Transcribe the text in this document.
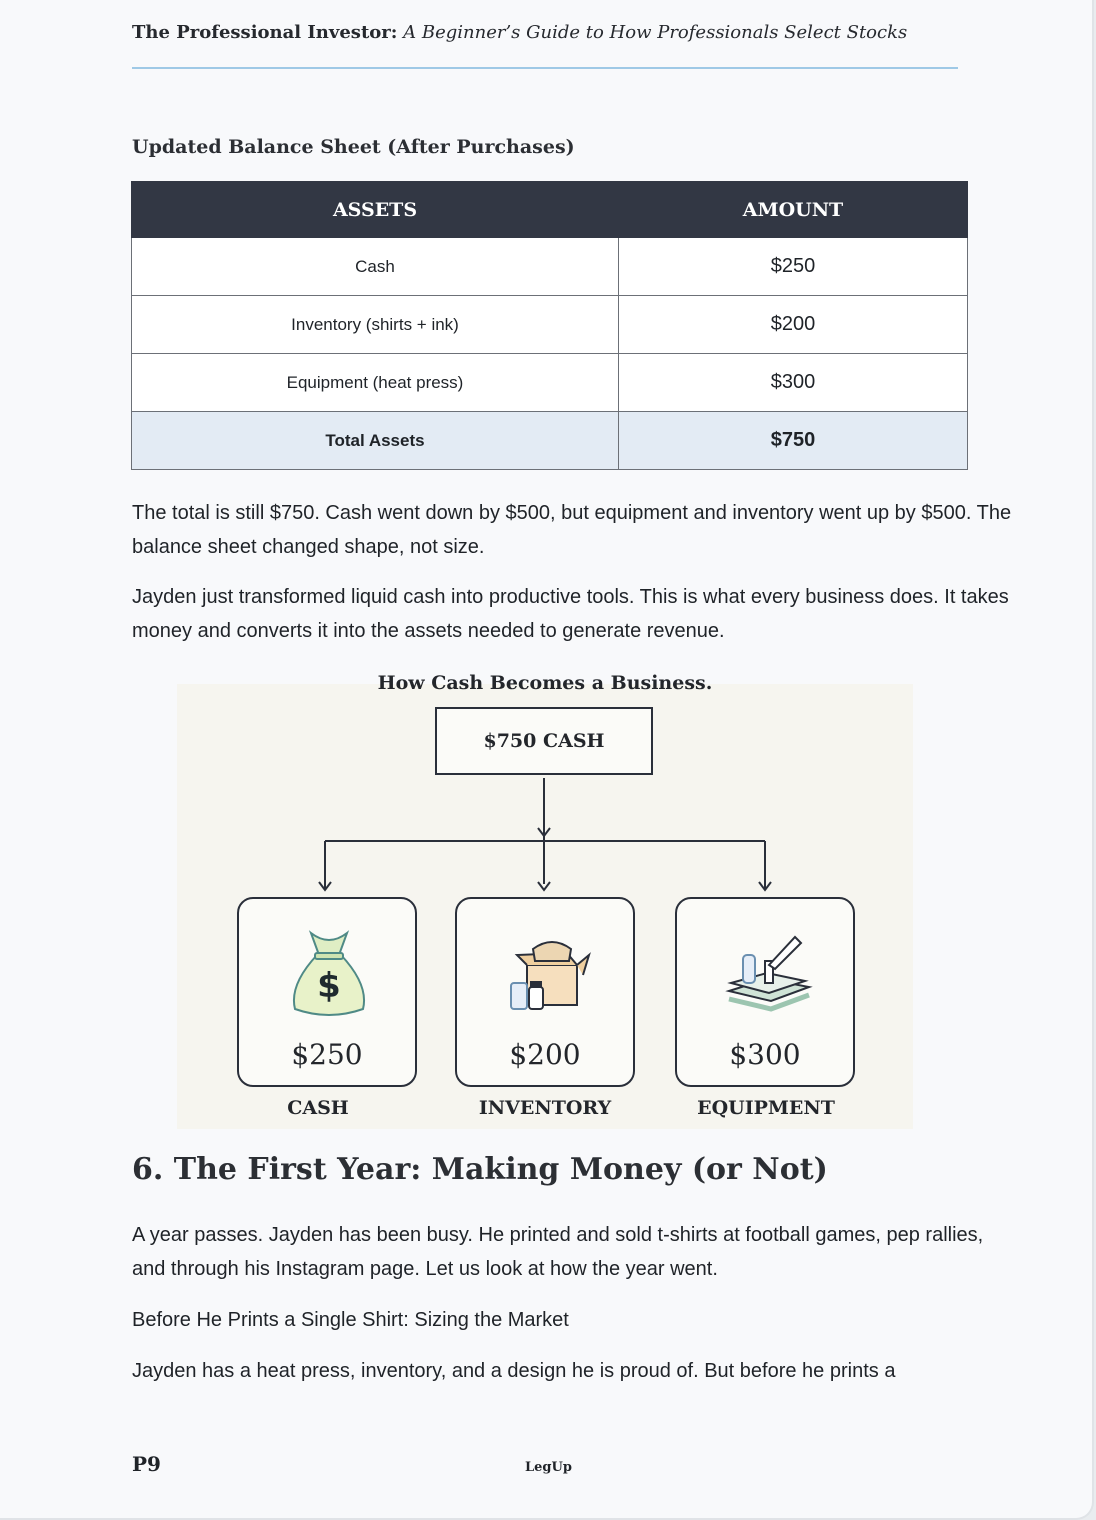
The Professional Investor: A Beginner’s Guide to How Professionals Select Stocks
Updated Balance Sheet (After Purchases)
ASSETS	AMOUNT
Cash	$250
Inventory (shirts + ink)	$200
Equipment (heat press)	$300
Total Assets	$750

The total is still $750. Cash went down by $500, but equipment and inventory went up by $500. The balance sheet changed shape, not size.

Jayden just transformed liquid cash into productive tools. This is what every business does. It takes money and converts it into the assets needed to generate revenue.

How Cash Becomes a Business.
$750 CASH
$
$250	$200	$300
CASH	INVENTORY	EQUIPMENT
6. The First Year: Making Money (or Not)

A year passes. Jayden has been busy. He printed and sold t-shirts at football games, pep rallies, and through his Instagram page. Let us look at how the year went.

Before He Prints a Single Shirt: Sizing the Market

Jayden has a heat press, inventory, and a design he is proud of. But before he prints a

P9	LegUp
